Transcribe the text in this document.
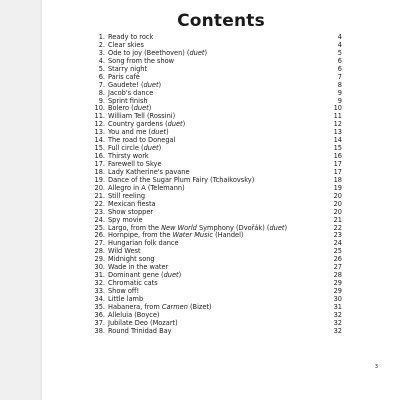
Contents
1. Ready to rock	4
2. Clear skies	4
3. Ode to joy (Beethoven) (duet)	5
4. Song from the show	6
5. Starry night	6
6. Paris café	7
7. Gaudete! (duet)	8
8. Jacob's dance	9
9. Sprint finish	9
10. Bolero (duet)	10
11. William Tell (Rossini)	11
12. Country gardens (duet)	12
13. You and me (duet)	13
14. The road to Donegal	14
15. Full circle (duet)	15
16. Thirsty work	16
17. Farewell to Skye	17
18. Lady Katherine's pavane	17
19. Dance of the Sugar Plum Fairy (Tchaikovsky)	18
20. Allegro in A (Telemann)	19
21. Still reeling	20
22. Mexican fiesta	20
23. Show stopper	20
24. Spy movie	21
25. Largo, from the New World Symphony (Dvořák) (duet)	22
26. Hornpipe, from the Water Music (Handel)	23
27. Hungarian folk dance	24
28. Wild West	25
29. Midnight song	26
30. Wade in the water	27
31. Dominant gene (duet)	28
32. Chromatic cats	29
33. Show off!	29
34. Little lamb	30
35. Habanera, from Carmen (Bizet)	31
36. Alleluia (Boyce)	32
37. Jubilate Deo (Mozart)	32
38. Round Trinidad Bay	32
3
